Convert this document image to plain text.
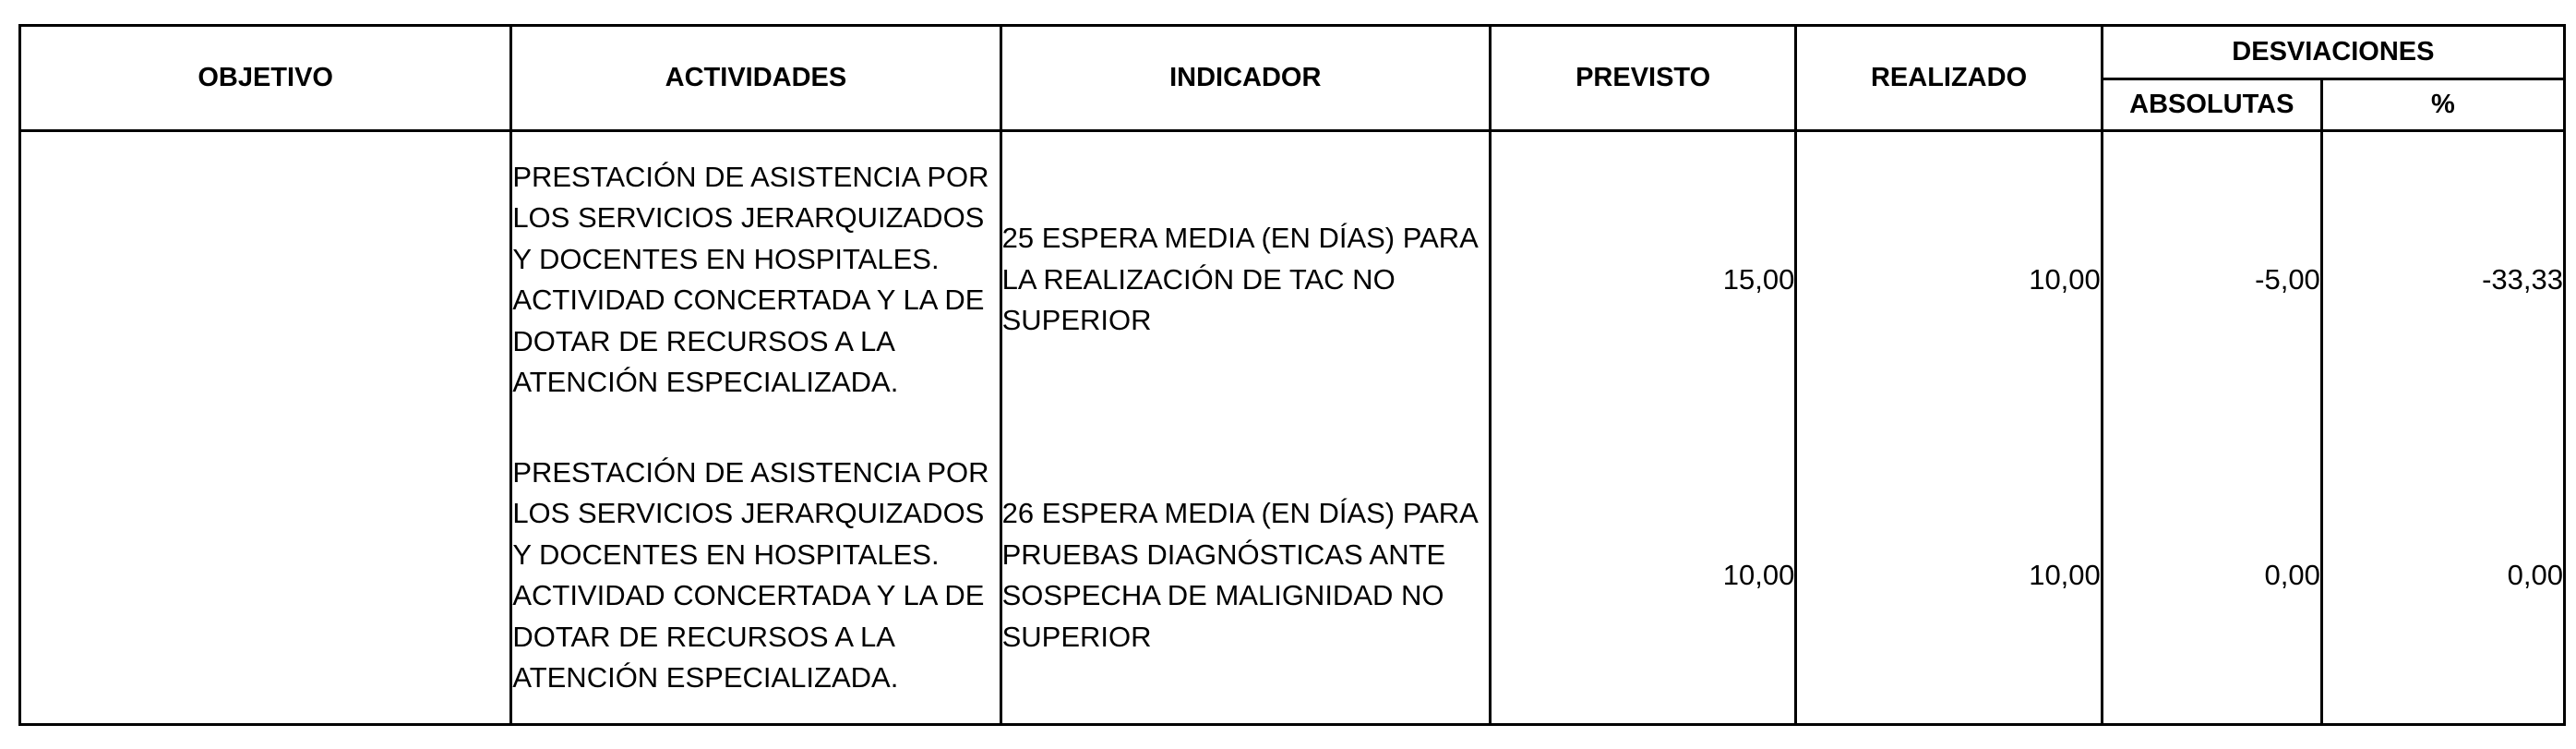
OBJETIVO	ACTIVIDADES	INDICADOR	PREVISTO	REALIZADO	DESVIACIONES	
					ABSOLUTAS	%
	PRESTACIÓN DE ASISTENCIA POR LOS SERVICIOS JERARQUIZADOS Y DOCENTES EN HOSPITALES. ACTIVIDAD CONCERTADA Y LA DE DOTAR DE RECURSOS A LA ATENCIÓN ESPECIALIZADA.	25 ESPERA MEDIA (EN DÍAS) PARA LA REALIZACIÓN DE TAC NO SUPERIOR	15,00	10,00	-5,00	-33,33
	PRESTACIÓN DE ASISTENCIA POR LOS SERVICIOS JERARQUIZADOS Y DOCENTES EN HOSPITALES. ACTIVIDAD CONCERTADA Y LA DE DOTAR DE RECURSOS A LA ATENCIÓN ESPECIALIZADA.	26 ESPERA MEDIA (EN DÍAS) PARA PRUEBAS DIAGNÓSTICAS ANTE SOSPECHA DE MALIGNIDAD NO SUPERIOR	10,00	10,00	0,00	0,00
